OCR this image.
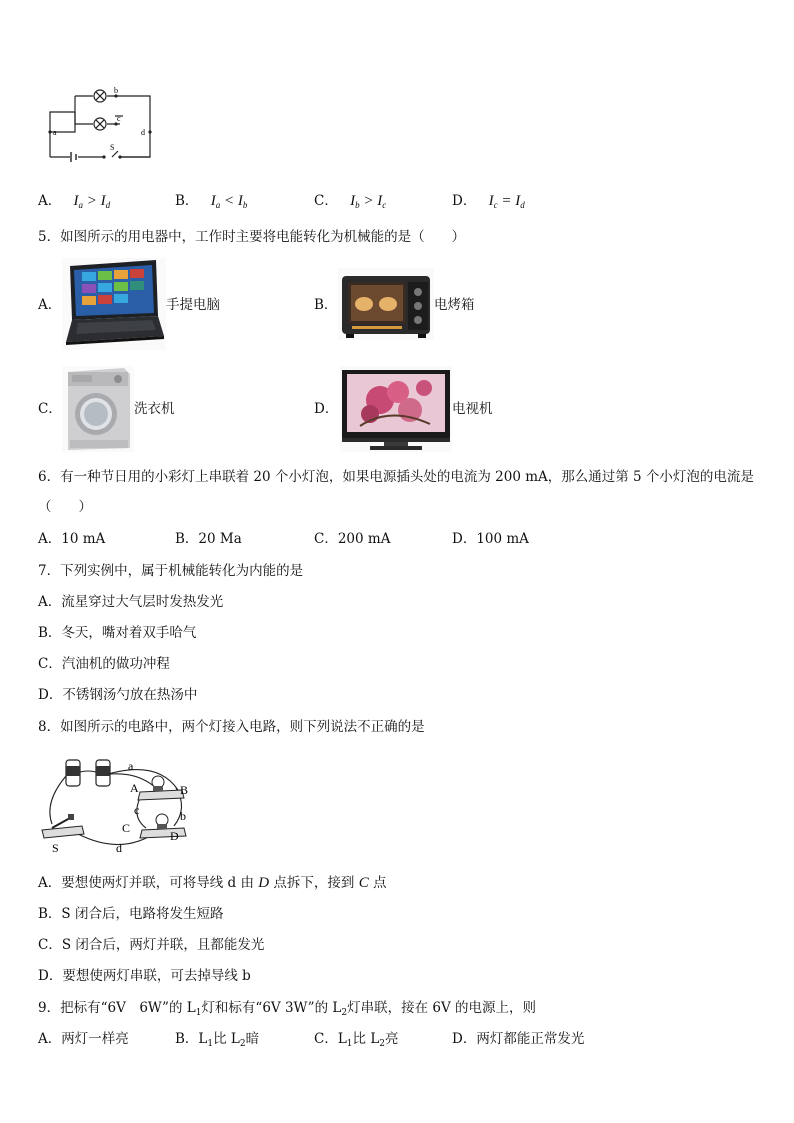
a
b
c
d
S
A． $I_a > I_d$	B． $I_a < I_b$	C． $I_b > I_c$	D． $I_c = I_d$
5．如图所示的用电器中，工作时主要将电能转化为机械能的是（　　）
A．	手提电脑	B．	电烤箱
C．	洗衣机	D．	电视机
6．有一种节日用的小彩灯上串联着 20 个小灯泡，如果电源插头处的电流为 200 mA，那么通过第 5 个小灯泡的电流是
（　　）
A．10 mA	B．20 Ma	C．200 mA	D．100 mA
7．下列实例中，属于机械能转化为内能的是
A．流星穿过大气层时发热发光
B．冬天，嘴对着双手哈气
C．汽油机的做功冲程
D．不锈钢汤勺放在热汤中
8．如图所示的电路中，两个灯接入电路，则下列说法不正确的是
a
A	B
c	b
C
D
d
S
A．要想使两灯并联，可将导线 d 由 D 点拆下，接到 C 点
B．S 闭合后，电路将发生短路
C．S 闭合后，两灯并联，且都能发光
D．要想使两灯串联，可去掉导线 b
9．把标有“6V　6W”的 $L_1$灯和标有“6V 3W”的 $L_2$灯串联，接在 6V 的电源上，则
A．两灯一样亮	B．$L_1$比 $L_2$暗	C．$L_1$比 $L_2$亮	D．两灯都能正常发光
